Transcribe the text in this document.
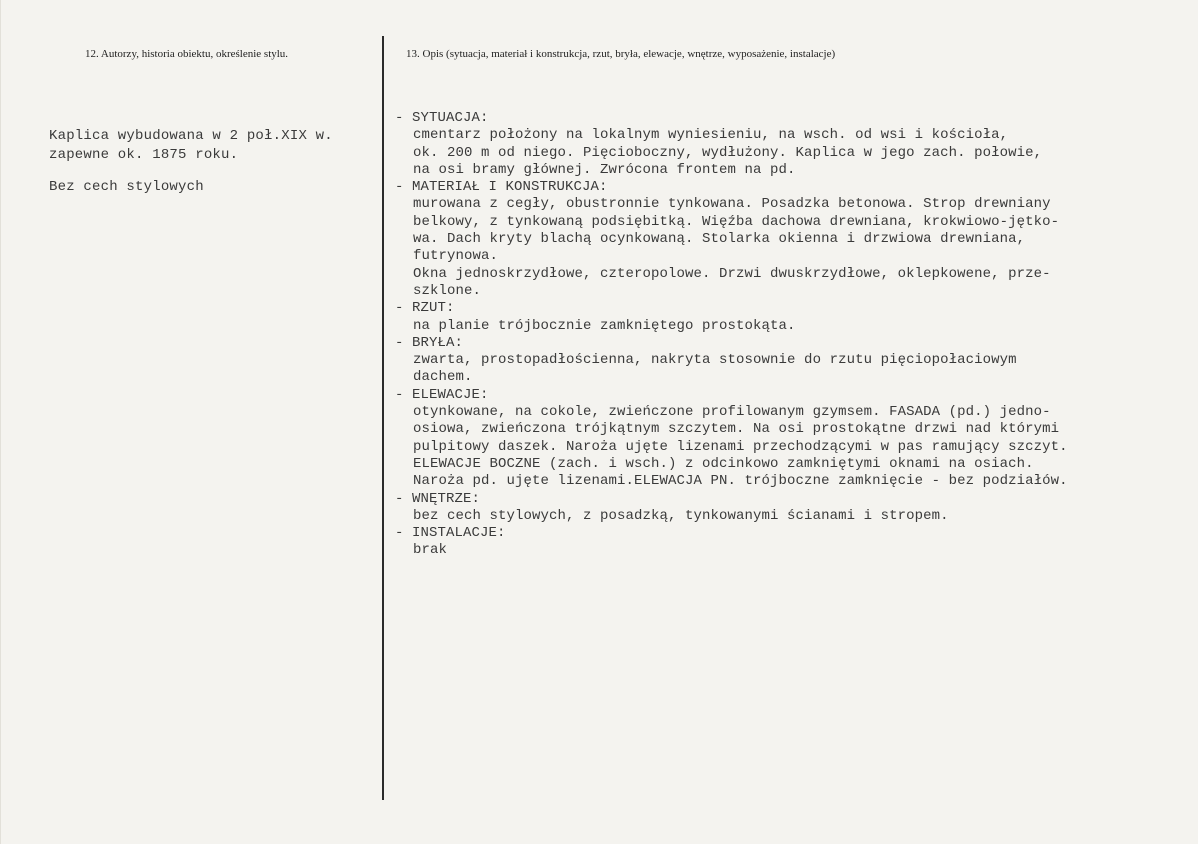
12. Autorzy, historia obiektu, określenie stylu.	13. Opis (sytuacja, materiał i konstrukcja, rzut, bryła, elewacje, wnętrze, wyposażenie, instalacje)

Kaplica wybudowana w 2 poł.XIX w.
zapewne ok. 1875 roku.

Bez cech stylowych

- SYTUACJA:
cmentarz położony na lokalnym wyniesieniu, na wsch. od wsi i kościoła,
ok. 200 m od niego. Pięcioboczny, wydłużony. Kaplica w jego zach. połowie,
na osi bramy głównej. Zwrócona frontem na pd.
- MATERIAŁ I KONSTRUKCJA:
murowana z cegły, obustronnie tynkowana. Posadzka betonowa. Strop drewniany
belkowy, z tynkowaną podsiębitką. Więźba dachowa drewniana, krokwiowo-jętko-
wa. Dach kryty blachą ocynkowaną. Stolarka okienna i drzwiowa drewniana,
futrynowa.
Okna jednoskrzydłowe, czteropolowe. Drzwi dwuskrzydłowe, oklepkowene, prze-
szklone.
- RZUT:
na planie trójbocznie zamkniętego prostokąta.
- BRYŁA:
zwarta, prostopadłościenna, nakryta stosownie do rzutu pięciopołaciowym
dachem.
- ELEWACJE:
otynkowane, na cokole, zwieńczone profilowanym gzymsem. FASADA (pd.) jedno-
osiowa, zwieńczona trójkątnym szczytem. Na osi prostokątne drzwi nad którymi
pulpitowy daszek. Naroża ujęte lizenami przechodzącymi w pas ramujący szczyt.
ELEWACJE BOCZNE (zach. i wsch.) z odcinkowo zamkniętymi oknami na osiach.
Naroża pd. ujęte lizenami.ELEWACJA PN. trójboczne zamknięcie - bez podziałów.
- WNĘTRZE:
bez cech stylowych, z posadzką, tynkowanymi ścianami i stropem.
- INSTALACJE:
brak
